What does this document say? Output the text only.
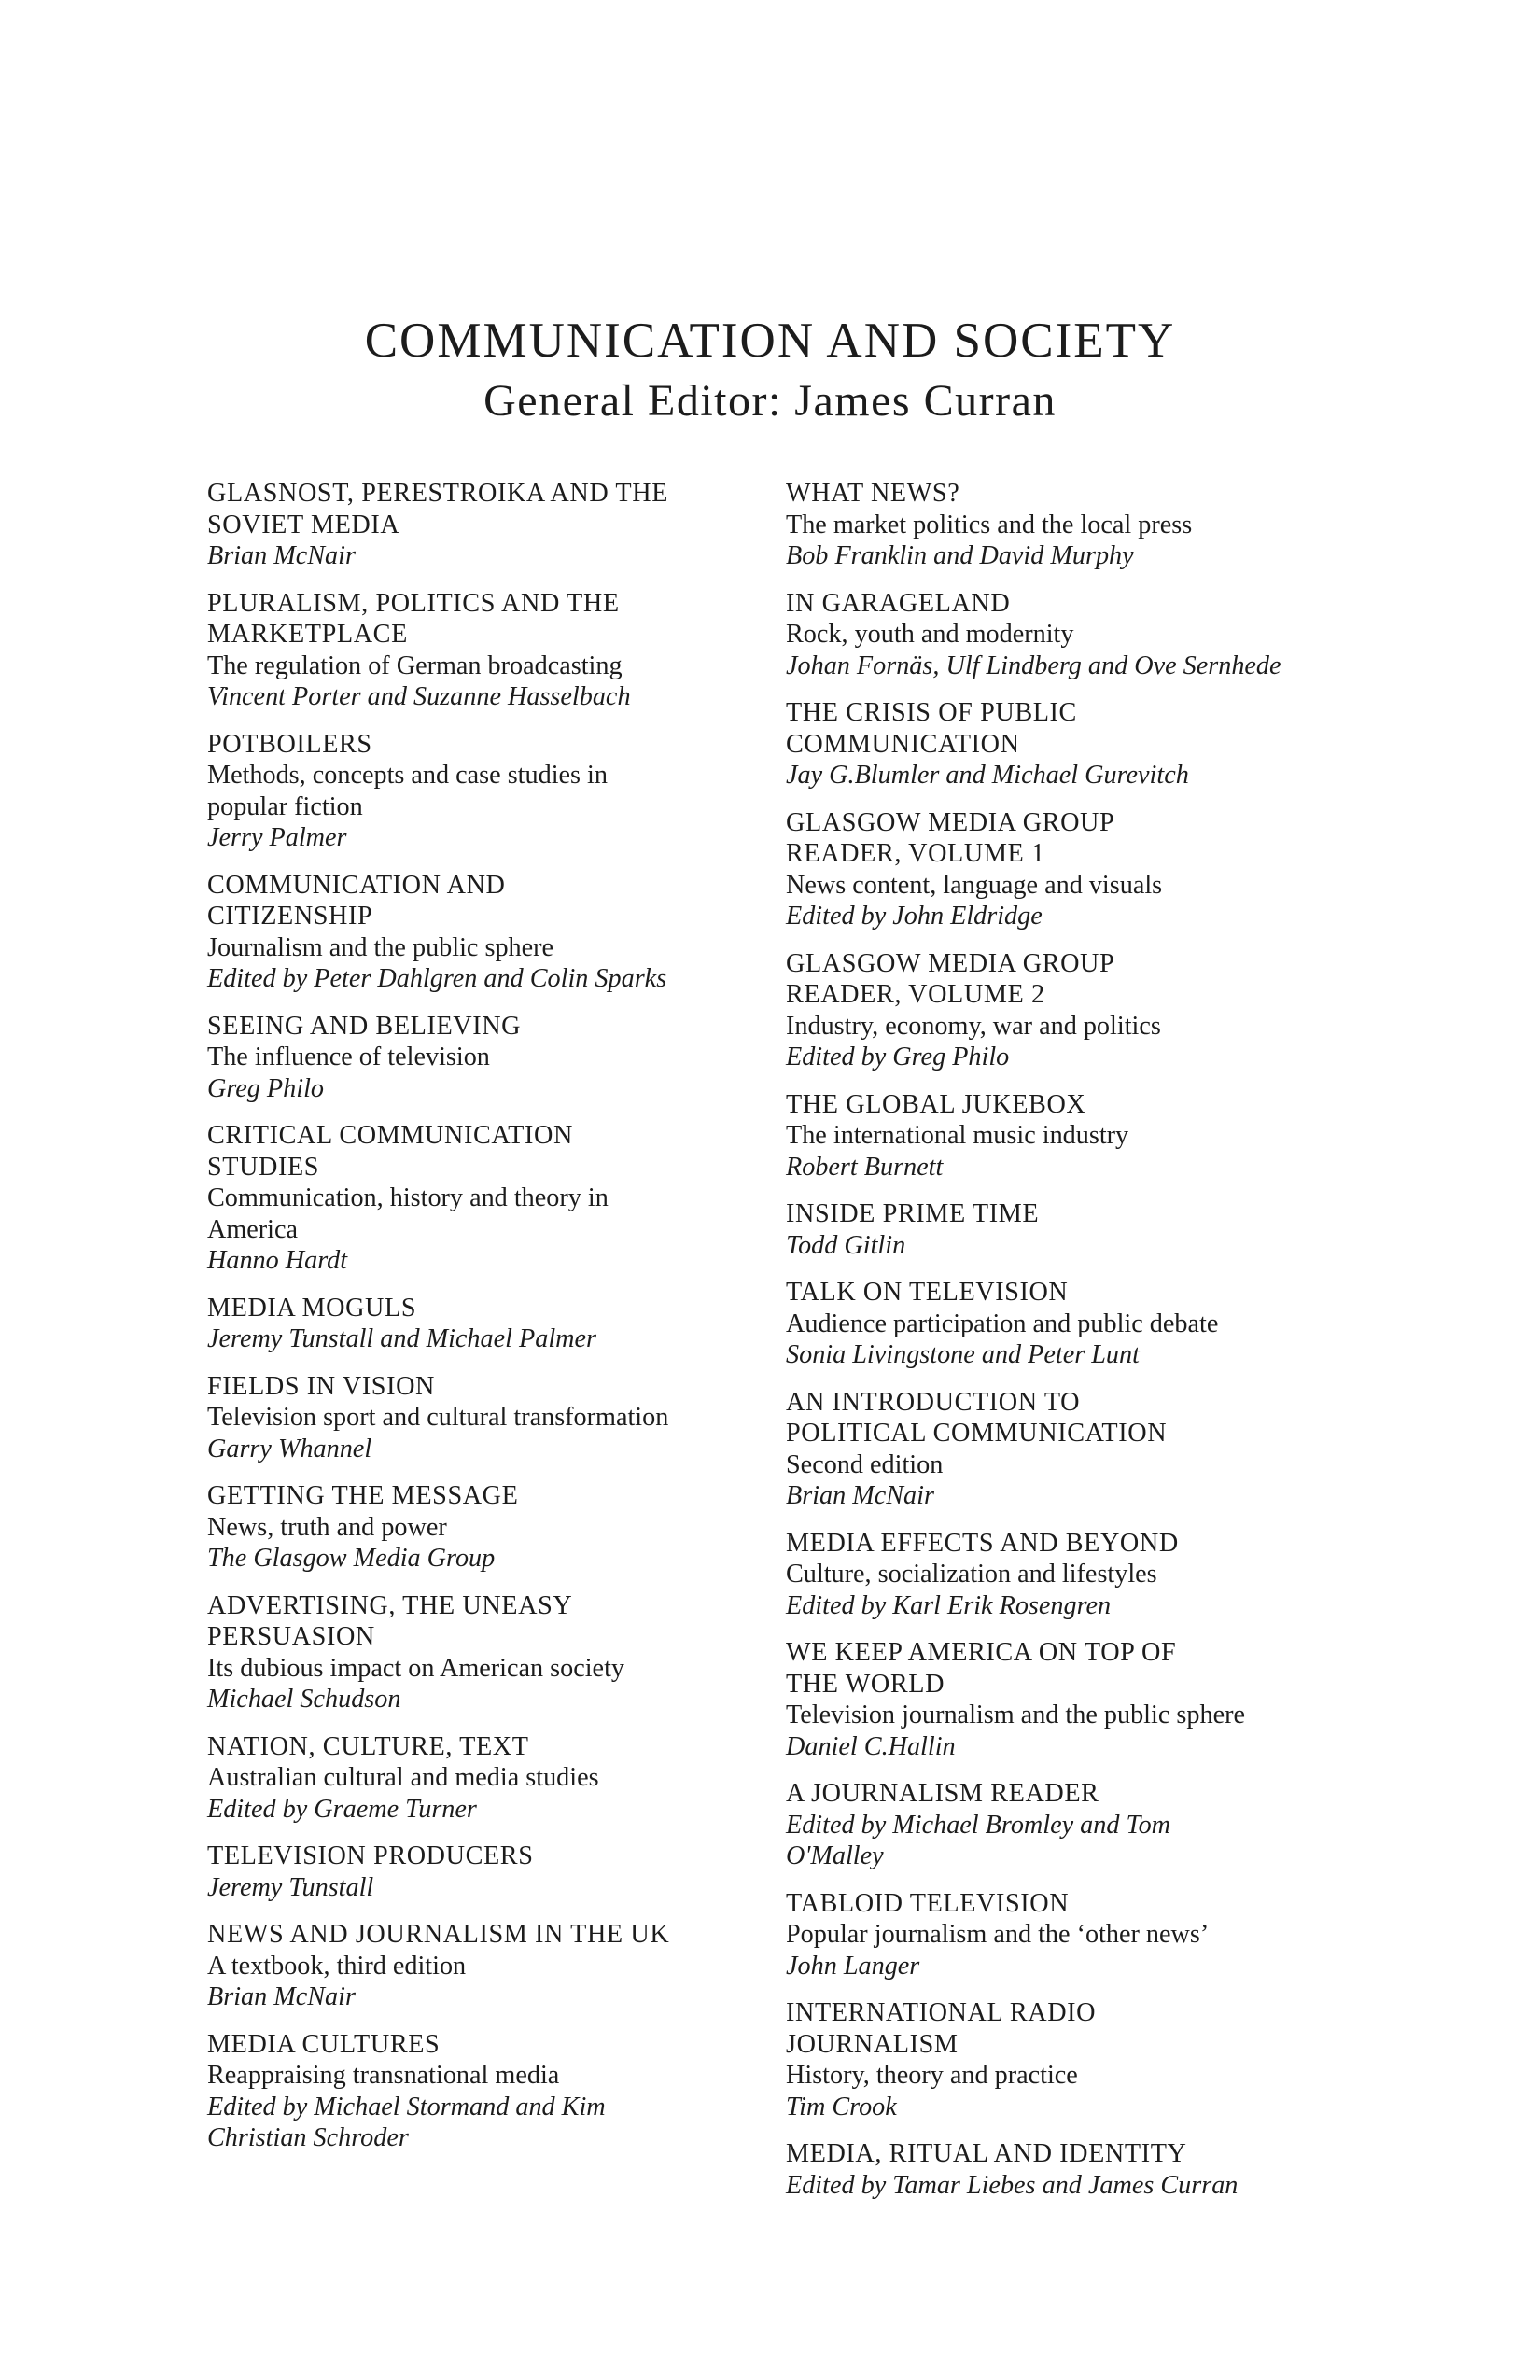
COMMUNICATION AND SOCIETY
General Editor: James Curran
GLASNOST, PERESTROIKA AND THE
SOVIET MEDIA
Brian McNair
PLURALISM, POLITICS AND THE
MARKETPLACE
The regulation of German broadcasting
Vincent Porter and Suzanne Hasselbach
POTBOILERS
Methods, concepts and case studies in
popular fiction
Jerry Palmer
COMMUNICATION AND
CITIZENSHIP
Journalism and the public sphere
Edited by Peter Dahlgren and Colin Sparks
SEEING AND BELIEVING
The influence of television
Greg Philo
CRITICAL COMMUNICATION
STUDIES
Communication, history and theory in
America
Hanno Hardt
MEDIA MOGULS
Jeremy Tunstall and Michael Palmer
FIELDS IN VISION
Television sport and cultural transformation
Garry Whannel
GETTING THE MESSAGE
News, truth and power
The Glasgow Media Group
ADVERTISING, THE UNEASY
PERSUASION
Its dubious impact on American society
Michael Schudson
NATION, CULTURE, TEXT
Australian cultural and media studies
Edited by Graeme Turner
TELEVISION PRODUCERS
Jeremy Tunstall
NEWS AND JOURNALISM IN THE UK
A textbook, third edition
Brian McNair
MEDIA CULTURES
Reappraising transnational media
Edited by Michael Stormand and Kim
Christian Schroder
WHAT NEWS?
The market politics and the local press
Bob Franklin and David Murphy
IN GARAGELAND
Rock, youth and modernity
Johan Fornäs, Ulf Lindberg and Ove Sernhede
THE CRISIS OF PUBLIC
COMMUNICATION
Jay G.Blumler and Michael Gurevitch
GLASGOW MEDIA GROUP
READER, VOLUME 1
News content, language and visuals
Edited by John Eldridge
GLASGOW MEDIA GROUP
READER, VOLUME 2
Industry, economy, war and politics
Edited by Greg Philo
THE GLOBAL JUKEBOX
The international music industry
Robert Burnett
INSIDE PRIME TIME
Todd Gitlin
TALK ON TELEVISION
Audience participation and public debate
Sonia Livingstone and Peter Lunt
AN INTRODUCTION TO
POLITICAL COMMUNICATION
Second edition
Brian McNair
MEDIA EFFECTS AND BEYOND
Culture, socialization and lifestyles
Edited by Karl Erik Rosengren
WE KEEP AMERICA ON TOP OF
THE WORLD
Television journalism and the public sphere
Daniel C.Hallin
A JOURNALISM READER
Edited by Michael Bromley and Tom
O'Malley
TABLOID TELEVISION
Popular journalism and the ‘other news’
John Langer
INTERNATIONAL RADIO
JOURNALISM
History, theory and practice
Tim Crook
MEDIA, RITUAL AND IDENTITY
Edited by Tamar Liebes and James Curran
